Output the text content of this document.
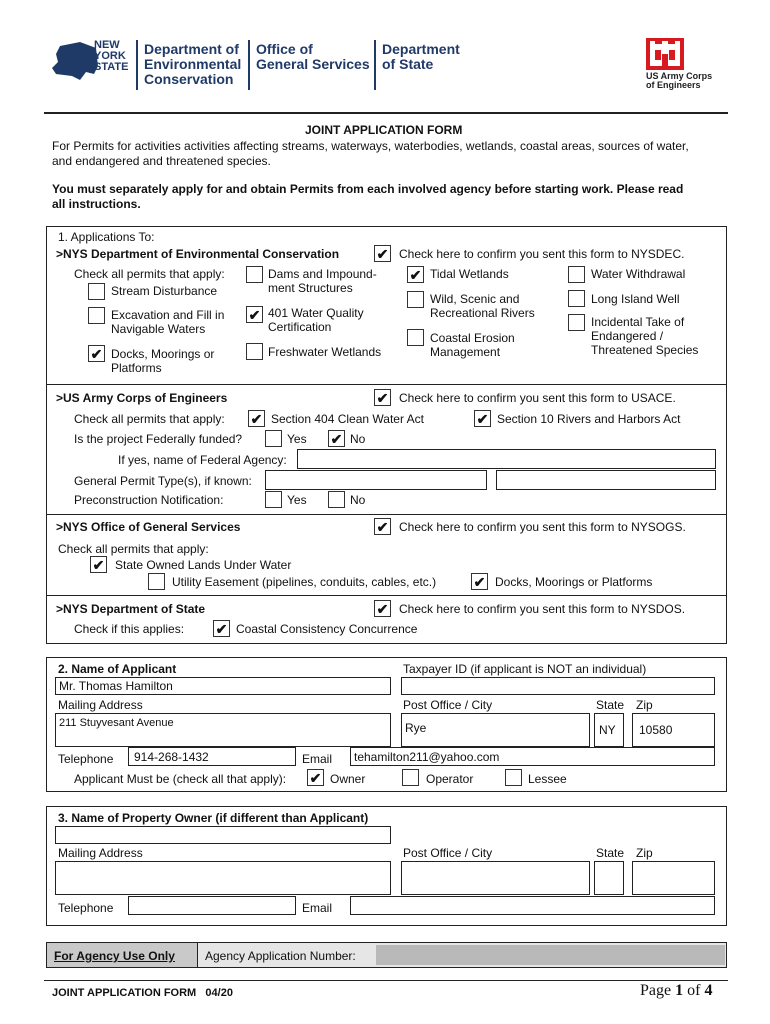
NEW
YORK
STATE
Department of
Environmental
Conservation
Office of
General Services
Department
of State
US Army Corps
of Engineers
JOINT APPLICATION FORM
For Permits for activities activities affecting streams, waterways, waterbodies, wetlands, coastal areas, sources of water,
and endangered and threatened species.
You must separately apply for and obtain Permits from each involved agency before starting work. Please read
all instructions.
1. Applications To:
>NYS Department of Environmental Conservation	✔ Check here to confirm you sent this form to NYSDEC.
Check all permits that apply:
Stream Disturbance
Excavation and Fill in
Navigable Waters
✔ Docks, Moorings or
Platforms
Dams and Impound-
ment Structures
✔ 401 Water Quality
Certification
Freshwater Wetlands
✔ Tidal Wetlands
Wild, Scenic and
Recreational Rivers
Coastal Erosion
Management
Water Withdrawal
Long Island Well
Incidental Take of
Endangered /
Threatened Species
>US Army Corps of Engineers	✔ Check here to confirm you sent this form to USACE.
Check all permits that apply: ✔ Section 404 Clean Water Act	✔ Section 10 Rivers and Harbors Act
Is the project Federally funded?	Yes ✔ No
If yes, name of Federal Agency:
General Permit Type(s), if known:
Preconstruction Notification:	Yes	No
>NYS Office of General Services	✔ Check here to confirm you sent this form to NYSOGS.
Check all permits that apply:
✔ State Owned Lands Under Water
Utility Easement (pipelines, conduits, cables, etc.)	✔ Docks, Moorings or Platforms
>NYS Department of State	✔ Check here to confirm you sent this form to NYSDOS.
Check if this applies: ✔ Coastal Consistency Concurrence
2. Name of Applicant
Mr. Thomas Hamilton
Taxpayer ID (if applicant is NOT an individual)
Mailing Address
211 Stuyvesant Avenue
Post Office / City
Rye
State Zip
NY 10580
Telephone 914-268-1432	Email tehamilton211@yahoo.com
Applicant Must be (check all that apply): ✔ Owner	Operator	Lessee
3. Name of Property Owner (if different than Applicant)
Mailing Address	Post Office / City	State Zip
Telephone	Email
For Agency Use Only	Agency Application Number:
JOINT APPLICATION FORM 04/20	Page 1 of 4
